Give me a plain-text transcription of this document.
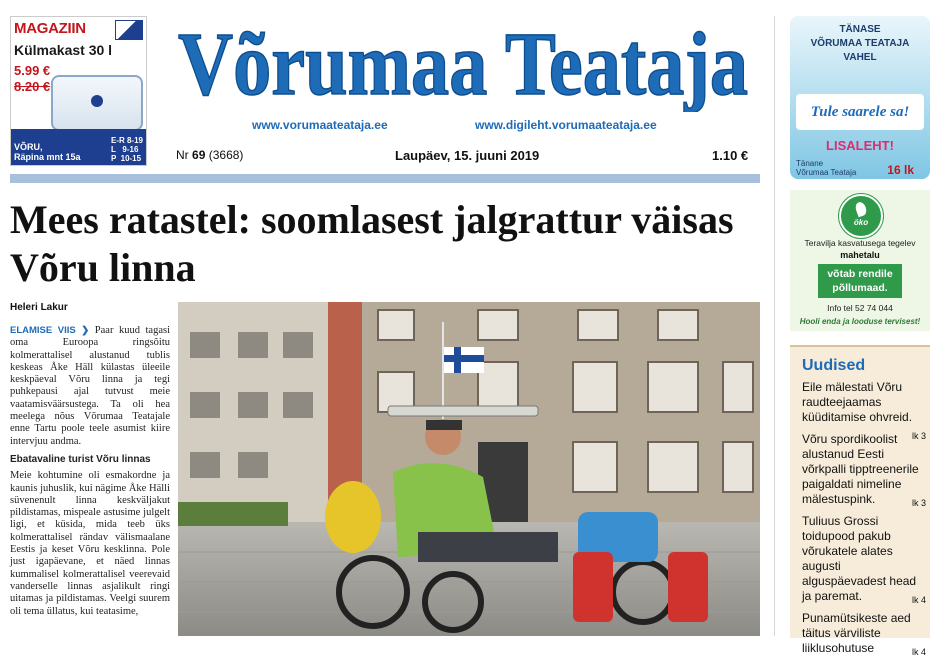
MAGAZIIN
Külmakast 30 l
5.99 €
8.20 €
VÕRU,
Räpina mnt 15a
E-R 8-19
L   9-16
P  10-15
Võrumaa Teataja
www.vorumaateataja.ee	www.digileht.vorumaateataja.ee
Nr 69 (3668)	Laupäev, 15. juuni 2019	1.10 €
Mees ratastel: soomlasest jalgrattur väisas Võru linna
Heleri Lakur

ELAMISE VIIS ❯ Paar kuud tagasi oma Euroopa ringsõitu kolmerattalisel alustanud tublis keskeas Åke Häll külastas üleeile keskpäeval Võru linna ja tegi puhkepausi ajal tutvust meie vaatamisväärsustega. Ta oli hea meelega nõus Võrumaa Teatajale enne Tartu poole teele asumist kiire intervjuu andma.

Ebatavaline turist Võru linnas

Meie kohtumine oli esmakordne ja kaunis juhuslik, kui nägime Åke Hälli süvenenult linna keskväljakut pildistamas, mispeale astusime julgelt ligi, et küsida, mida teeb üks kolmerattalisel rändav välismaalane Eestis ja keset Võru kesklinna. Pole just igapäevane, et näed linnas kummalisel kolmerattalisel veerevaid vanderselle linnas asjalikult ringi uitamas ja pildistamas. Veelgi suurem oli tema üllatus, kui teatasime,

TÄNASE
VÕRUMAA TEATAJA
VAHEL
Tule saarele sa!
LISALEHT!
Tänane
Võrumaa Teataja	16 lk
öko
Teravilja kasvatusega tegelev
mahetalu
võtab rendile põllumaad.
Info tel 52 74 044
Hooli enda ja looduse tervisest!
Uudised
Eile mälestati Võru raudteejaamas küüditamise ohvreid.
lk 3
Võru spordikoolist alustanud Eesti võrkpalli tipptreenerile paigaldati nimeline mälestuspink.	lk 3
Tuliuus Grossi toidupood pakub võrukatele alates augusti alguspäevadest head ja paremat.	lk 4
Punamütsikeste aed täitus värviliste liiklusohutuse	lk 4
